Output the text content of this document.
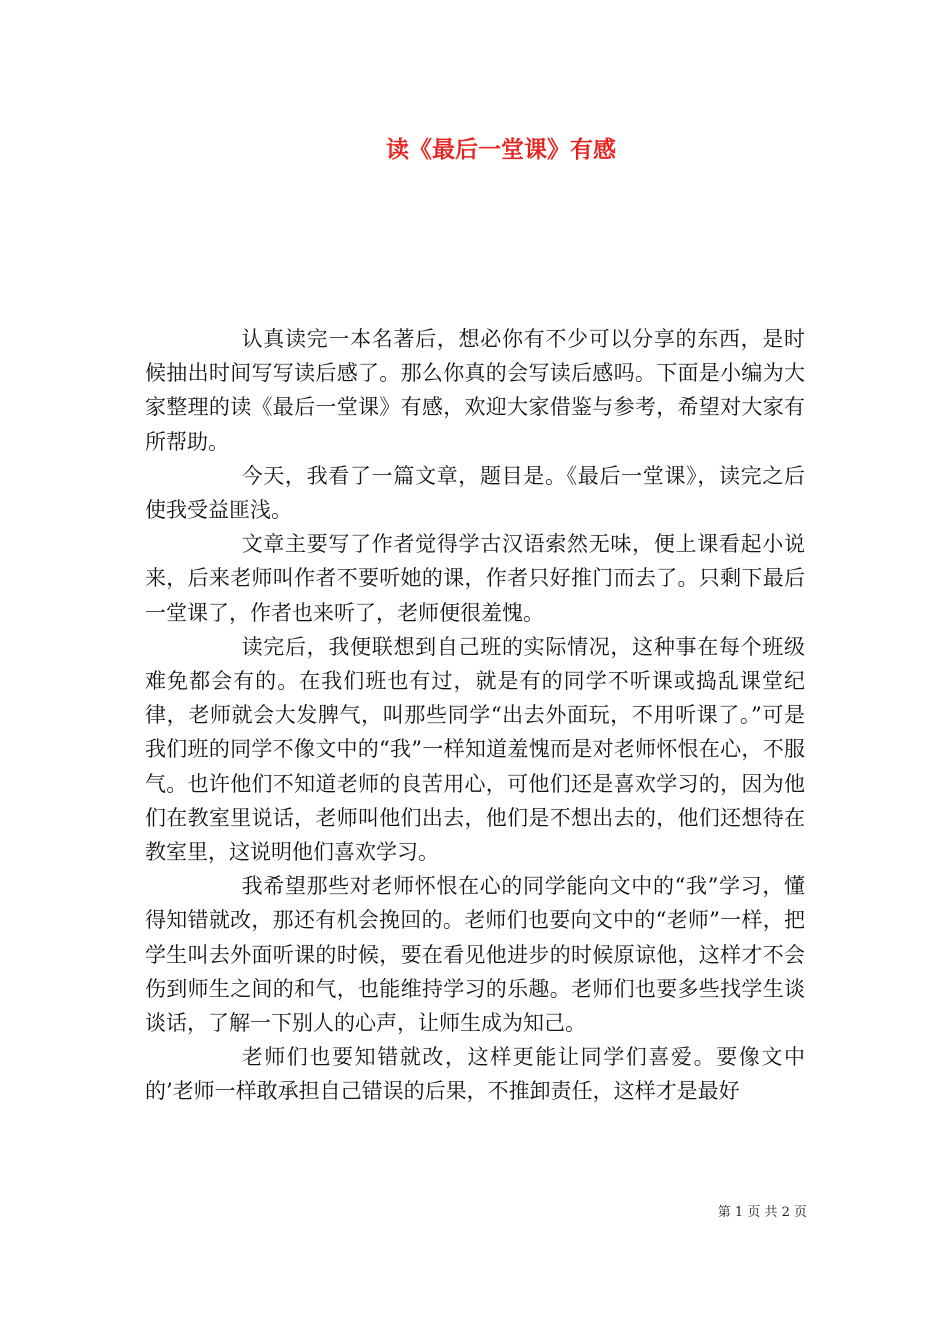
读《最后一堂课》有感

认真读完一本名著后，想必你有不少可以分享的东西，是时候抽出时间写写读后感了。那么你真的会写读后感吗。下面是小编为大家整理的读《最后一堂课》有感，欢迎大家借鉴与参考，希望对大家有所帮助。

今天，我看了一篇文章，题目是。《最后一堂课》，读完之后使我受益匪浅。

文章主要写了作者觉得学古汉语索然无味，便上课看起小说来，后来老师叫作者不要听她的课，作者只好推门而去了。只剩下最后一堂课了，作者也来听了，老师便很羞愧。

读完后，我便联想到自己班的实际情况，这种事在每个班级难免都会有的。在我们班也有过，就是有的同学不听课或捣乱课堂纪律，老师就会大发脾气，叫那些同学“出去外面玩，不用听课了。”可是我们班的同学不像文中的“我”一样知道羞愧而是对老师怀恨在心，不服气。也许他们不知道老师的良苦用心，可他们还是喜欢学习的，因为他们在教室里说话，老师叫他们出去，他们是不想出去的，他们还想待在教室里，这说明他们喜欢学习。

我希望那些对老师怀恨在心的同学能向文中的“我”学习，懂得知错就改，那还有机会挽回的。老师们也要向文中的“老师”一样，把学生叫去外面听课的时候，要在看见他进步的时候原谅他，这样才不会伤到师生之间的和气，也能维持学习的乐趣。老师们也要多些找学生谈谈话，了解一下别人的心声，让师生成为知己。

老师们也要知错就改，这样更能让同学们喜爱。要像文中的’老师一样敢承担自己错误的后果，不推卸责任，这样才是最好

第 1 页 共 2 页
